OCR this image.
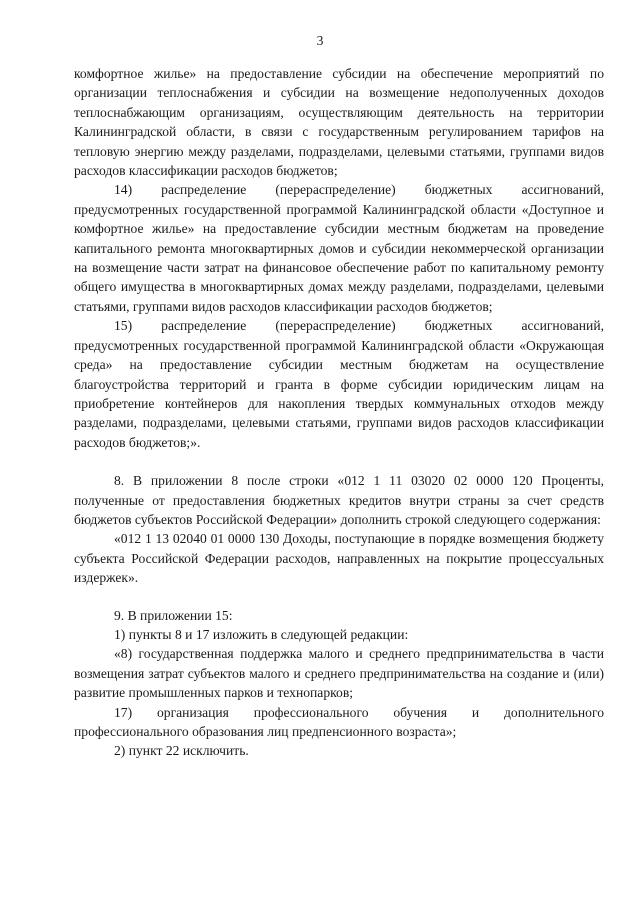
3

комфортное жилье» на предоставление субсидии на обеспечение мероприятий по организации теплоснабжения и субсидии на возмещение недополученных доходов теплоснабжающим организациям, осуществляющим деятельность на территории Калининградской области, в связи с государственным регулированием тарифов на тепловую энергию между разделами, подразделами, целевыми статьями, группами видов расходов классификации расходов бюджетов;

14) распределение (перераспределение) бюджетных ассигнований, предусмотренных государственной программой Калининградской области «Доступное и комфортное жилье» на предоставление субсидии местным бюджетам на проведение капитального ремонта многоквартирных домов и субсидии некоммерческой организации на возмещение части затрат на финансовое обеспечение работ по капитальному ремонту общего имущества в многоквартирных домах между разделами, подразделами, целевыми статьями, группами видов расходов классификации расходов бюджетов;

15) распределение (перераспределение) бюджетных ассигнований, предусмотренных государственной программой Калининградской области «Окружающая среда» на предоставление субсидии местным бюджетам на осуществление благоустройства территорий и гранта в форме субсидии юридическим лицам на приобретение контейнеров для накопления твердых коммунальных отходов между разделами, подразделами, целевыми статьями, группами видов расходов классификации расходов бюджетов;».

8. В приложении 8 после строки «012 1 11 03020 02 0000 120 Проценты, полученные от предоставления бюджетных кредитов внутри страны за счет средств бюджетов субъектов Российской Федерации» дополнить строкой следующего содержания:

«012 1 13 02040 01 0000 130 Доходы, поступающие в порядке возмещения бюджету субъекта Российской Федерации расходов, направленных на покрытие процессуальных издержек».

9. В приложении 15:

1) пункты 8 и 17 изложить в следующей редакции:

«8) государственная поддержка малого и среднего предпринимательства в части возмещения затрат субъектов малого и среднего предпринимательства на создание и (или) развитие промышленных парков и технопарков;

17) организация профессионального обучения и дополнительного профессионального образования лиц предпенсионного возраста»;

2) пункт 22 исключить.
